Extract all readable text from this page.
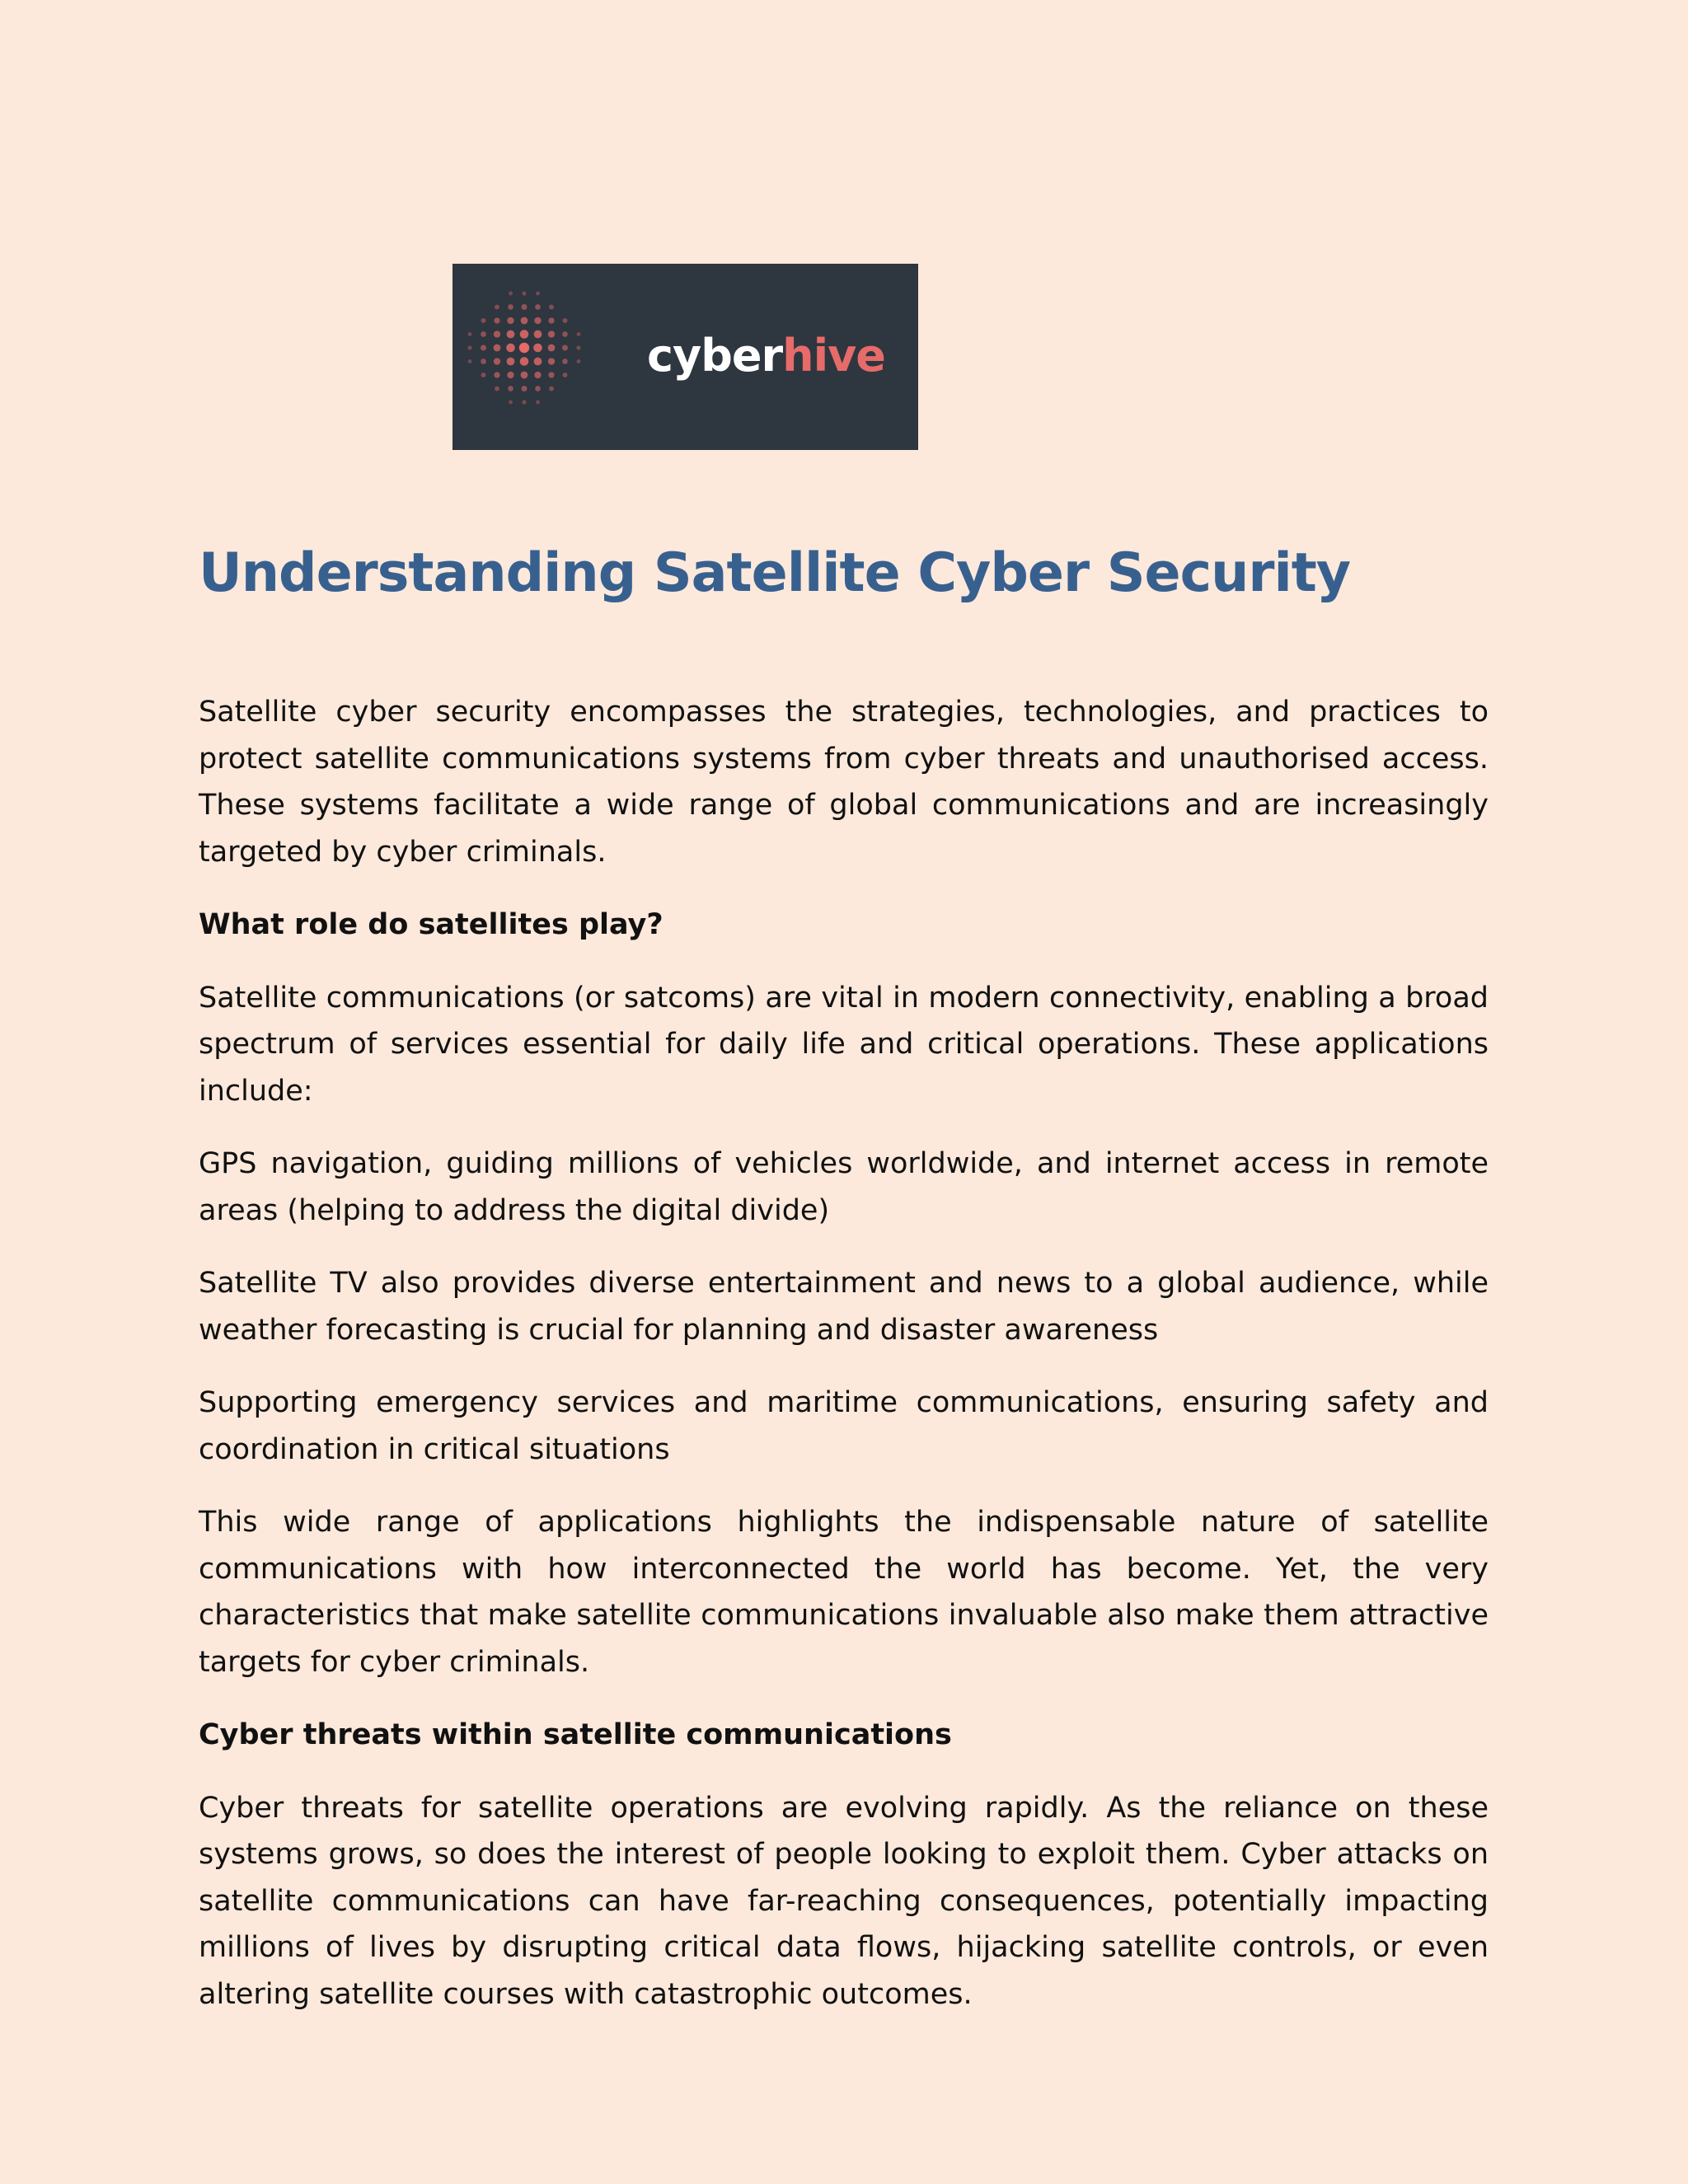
cyberhive
Understanding Satellite Cyber Security

Satellite cyber security encompasses the strategies, technologies, and practices to protect satellite communications systems from cyber threats and unauthorised access. These systems facilitate a wide range of global communications and are increasingly targeted by cyber criminals.

What role do satellites play?

Satellite communications (or satcoms) are vital in modern connectivity, enabling a broad spectrum of services essential for daily life and critical operations. These applications include:

GPS navigation, guiding millions of vehicles worldwide, and internet access in remote areas (helping to address the digital divide)

Satellite TV also provides diverse entertainment and news to a global audience, while weather forecasting is crucial for planning and disaster awareness

Supporting emergency services and maritime communications, ensuring safety and coordination in critical situations

This wide range of applications highlights the indispensable nature of satellite communications with how interconnected the world has become. Yet, the very characteristics that make satellite communications invaluable also make them attractive targets for cyber criminals.

Cyber threats within satellite communications

Cyber threats for satellite operations are evolving rapidly. As the reliance on these systems grows, so does the interest of people looking to exploit them. Cyber attacks on satellite communications can have far-reaching consequences, potentially impacting millions of lives by disrupting critical data flows, hijacking satellite controls, or even altering satellite courses with catastrophic outcomes.
